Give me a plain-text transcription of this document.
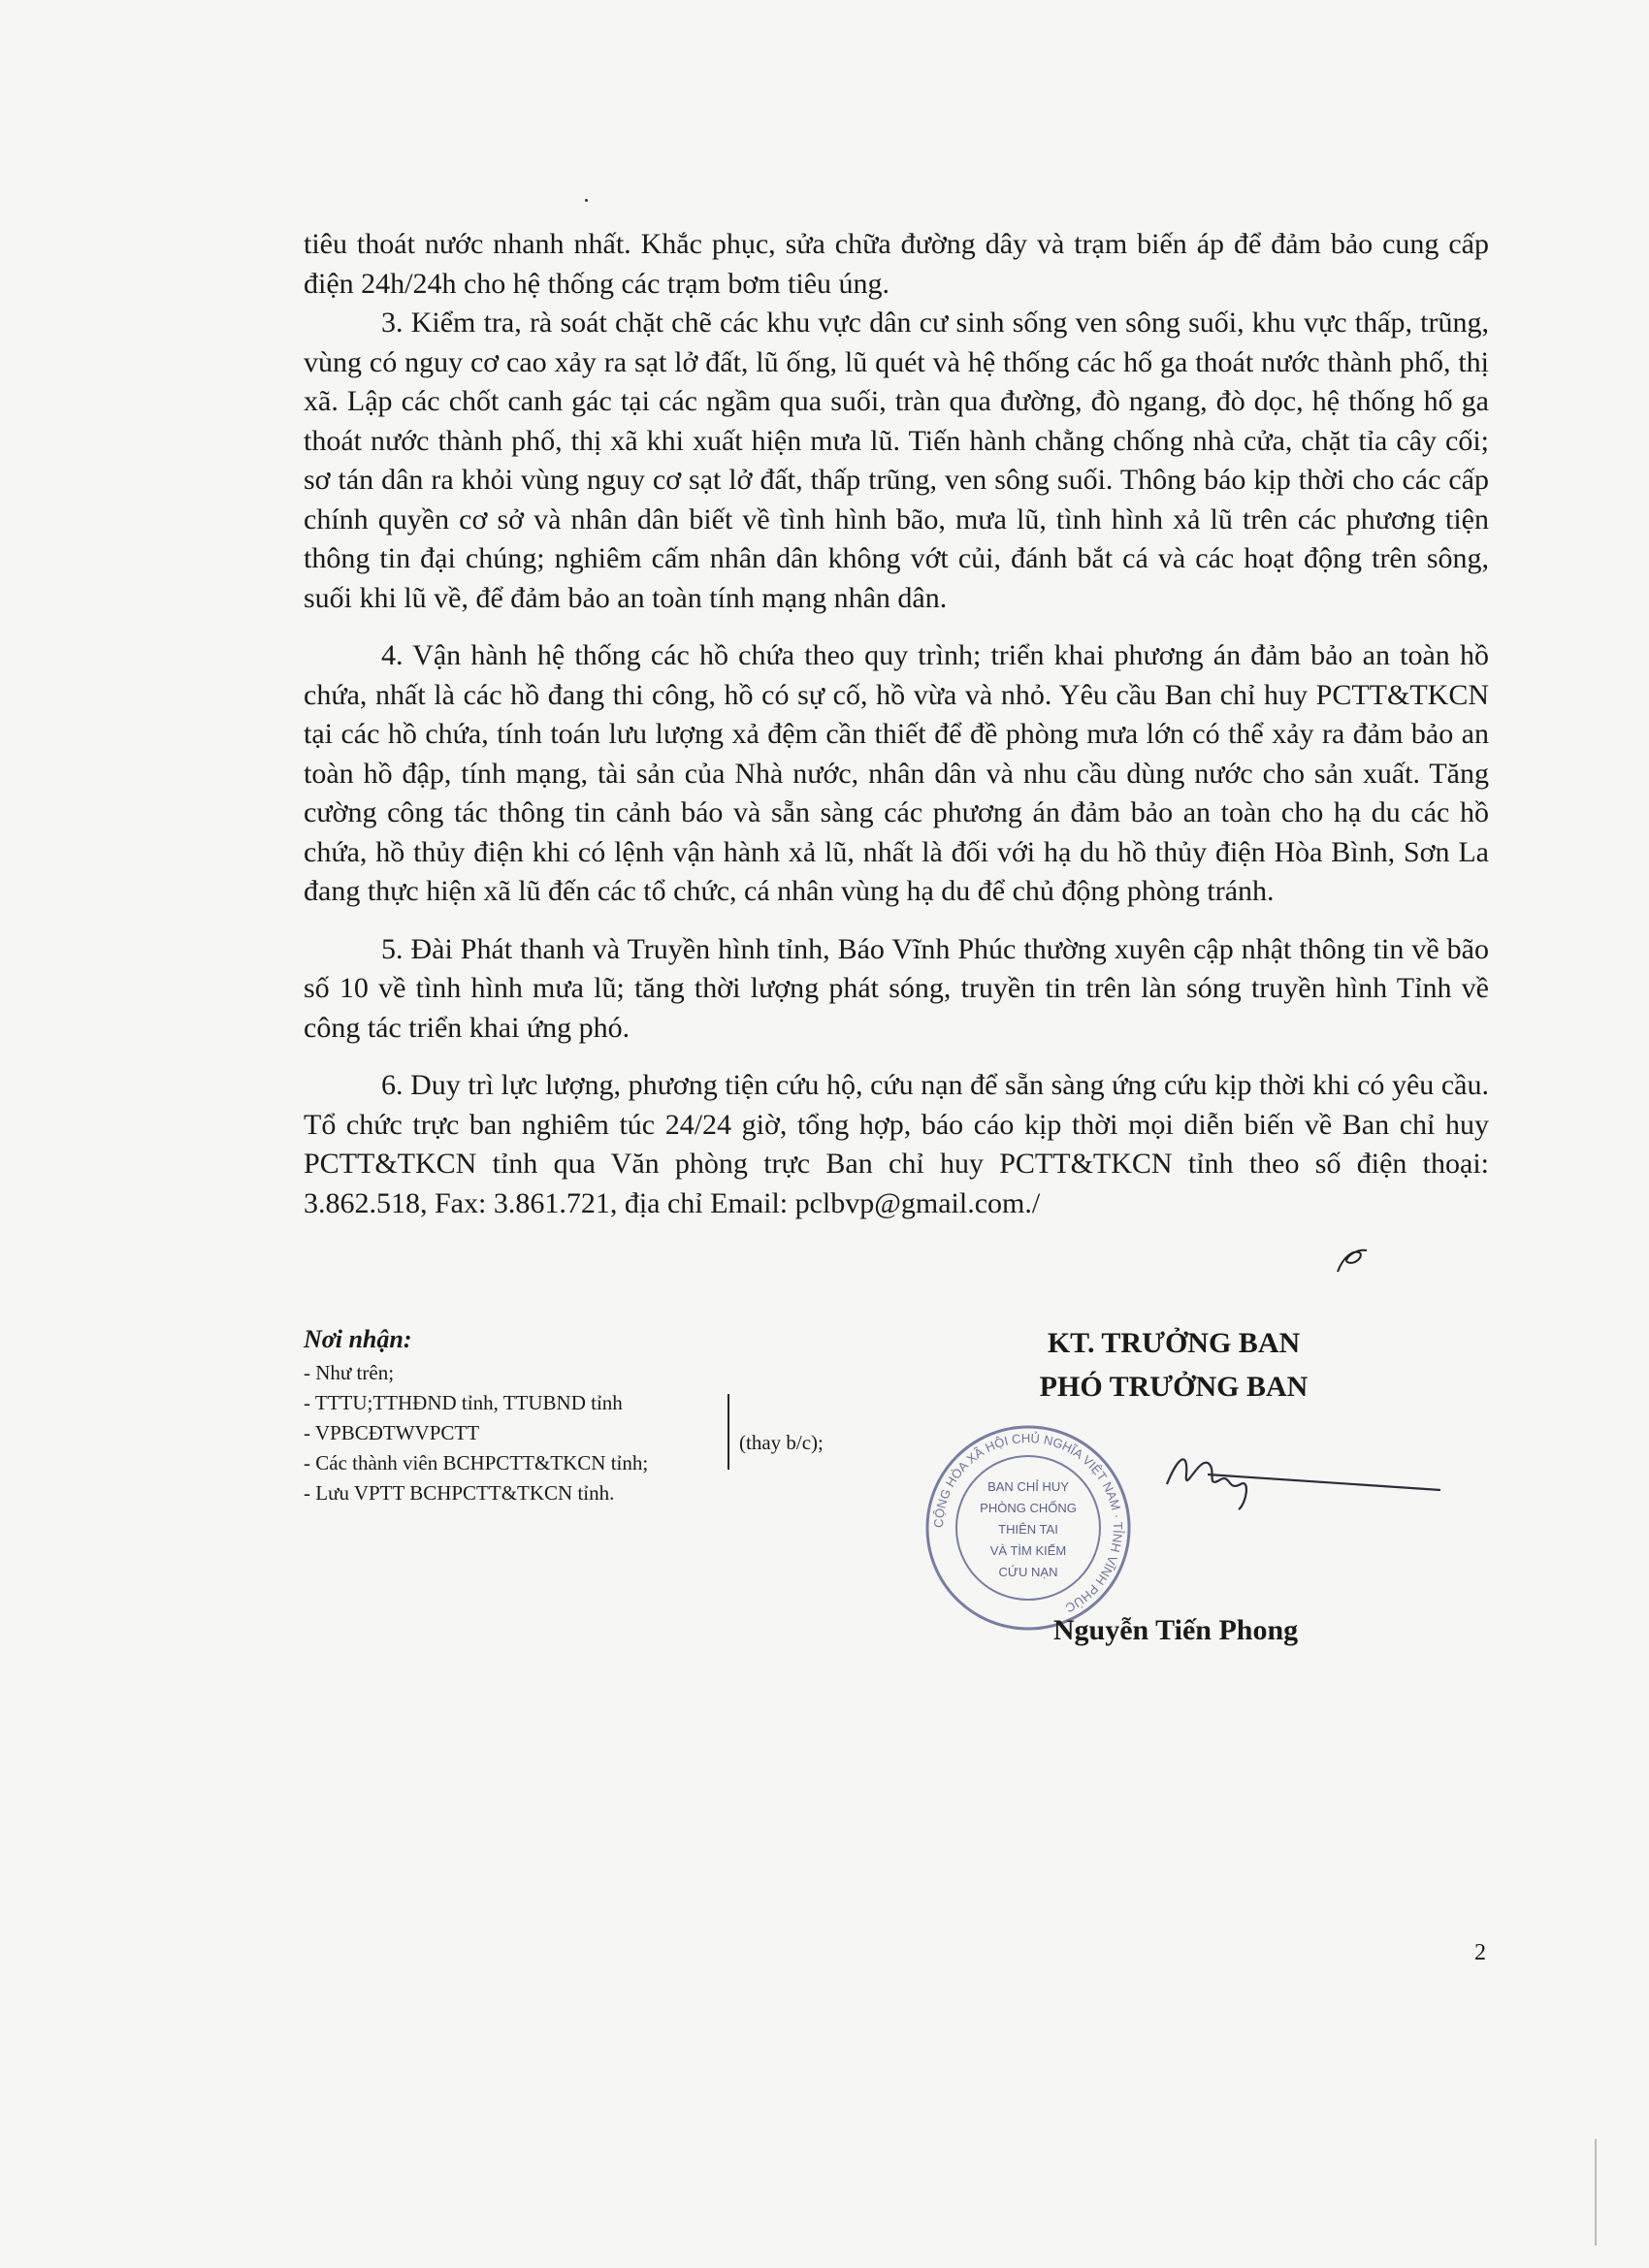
tiêu thoát nước nhanh nhất. Khắc phục, sửa chữa đường dây và trạm biến áp để đảm bảo cung cấp điện 24h/24h cho hệ thống các trạm bơm tiêu úng.

3. Kiểm tra, rà soát chặt chẽ các khu vực dân cư sinh sống ven sông suối, khu vực thấp, trũng, vùng có nguy cơ cao xảy ra sạt lở đất, lũ ống, lũ quét và hệ thống các hố ga thoát nước thành phố, thị xã. Lập các chốt canh gác tại các ngầm qua suối, tràn qua đường, đò ngang, đò dọc, hệ thống hố ga thoát nước thành phố, thị xã khi xuất hiện mưa lũ. Tiến hành chằng chống nhà cửa, chặt tỉa cây cối; sơ tán dân ra khỏi vùng nguy cơ sạt lở đất, thấp trũng, ven sông suối. Thông báo kịp thời cho các cấp chính quyền cơ sở và nhân dân biết về tình hình bão, mưa lũ, tình hình xả lũ trên các phương tiện thông tin đại chúng; nghiêm cấm nhân dân không vớt củi, đánh bắt cá và các hoạt động trên sông, suối khi lũ về, để đảm bảo an toàn tính mạng nhân dân.

4. Vận hành hệ thống các hồ chứa theo quy trình; triển khai phương án đảm bảo an toàn hồ chứa, nhất là các hồ đang thi công, hồ có sự cố, hồ vừa và nhỏ. Yêu cầu Ban chỉ huy PCTT&TKCN tại các hồ chứa, tính toán lưu lượng xả đệm cần thiết để đề phòng mưa lớn có thể xảy ra đảm bảo an toàn hồ đập, tính mạng, tài sản của Nhà nước, nhân dân và nhu cầu dùng nước cho sản xuất. Tăng cường công tác thông tin cảnh báo và sẵn sàng các phương án đảm bảo an toàn cho hạ du các hồ chứa, hồ thủy điện khi có lệnh vận hành xả lũ, nhất là đối với hạ du hồ thủy điện Hòa Bình, Sơn La đang thực hiện xã lũ đến các tổ chức, cá nhân vùng hạ du để chủ động phòng tránh.

5. Đài Phát thanh và Truyền hình tỉnh, Báo Vĩnh Phúc thường xuyên cập nhật thông tin về bão số 10 về tình hình mưa lũ; tăng thời lượng phát sóng, truyền tin trên làn sóng truyền hình Tỉnh về công tác triển khai ứng phó.

6. Duy trì lực lượng, phương tiện cứu hộ, cứu nạn để sẵn sàng ứng cứu kịp thời khi có yêu cầu. Tổ chức trực ban nghiêm túc 24/24 giờ, tổng hợp, báo cáo kịp thời mọi diễn biến về Ban chỉ huy PCTT&TKCN tỉnh qua Văn phòng trực Ban chỉ huy PCTT&TKCN tỉnh theo số điện thoại: 3.862.518, Fax: 3.861.721, địa chỉ Email: pclbvp@gmail.com./

Nơi nhận:
- Như trên;
- TTTU;TTHĐND tỉnh, TTUBND tỉnh
- VPBCĐTWVPCTT
- Các thành viên BCHPCTT&TKCN tỉnh;
- Lưu VPTT BCHPCTT&TKCN tỉnh.
(thay b/c);
KT. TRƯỞNG BAN
PHÓ TRƯỞNG BAN
CỘNG HÒA XÃ HỘI CHỦ NGHĨA VIỆT NAM · TỈNH VĨNH PHÚC
BAN CHỈ HUY
PHÒNG CHỐNG
THIÊN TAI
VÀ TÌM KIẾM
CỨU NẠN
Nguyễn Tiến Phong
2
